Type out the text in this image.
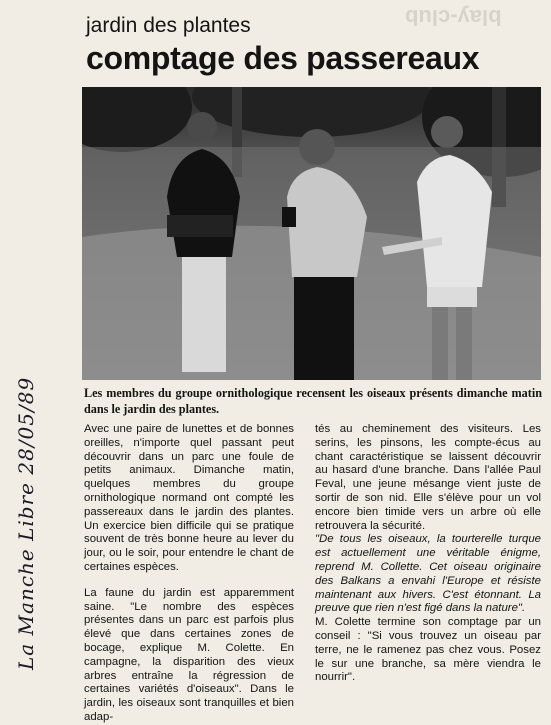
blay-club
jardin des plantes
comptage des passereaux
Les membres du groupe ornithologique recensent les oiseaux présents dimanche matin dans le jardin des plantes.

Avec une paire de lunettes et de bonnes oreilles, n'importe quel passant peut découvrir dans un parc une foule de petits animaux. Dimanche matin, quelques membres du groupe ornithologique normand ont compté les passereaux dans le jardin des plantes. Un exercice bien difficile qui se pratique souvent de très bonne heure au lever du jour, ou le soir, pour entendre le chant de certaines espèces.

La faune du jardin est apparemment saine. "Le nombre des espèces présentes dans un parc est parfois plus élevé que dans certaines zones de bocage, explique M. Colette. En campagne, la disparition des vieux arbres entraîne la régression de certaines variétés d'oiseaux". Dans le jardin, les oiseaux sont tranquilles et bien adap-

tés au cheminement des visiteurs. Les serins, les pinsons, les compte-écus au chant caractéristique se laissent découvrir au hasard d'une branche. Dans l'allée Paul Feval, une jeune mésange vient juste de sortir de son nid. Elle s'élève pour un vol encore bien timide vers un arbre où elle retrouvera la sécurité.

"De tous les oiseaux, la tourterelle turque est actuellement une véritable énigme, reprend M. Collette. Cet oiseau originaire des Balkans a envahi l'Europe et résiste maintenant aux hivers. C'est étonnant. La preuve que rien n'est figé dans la nature".

M. Colette termine son comptage par un conseil : "Si vous trouvez un oiseau par terre, ne le ramenez pas chez vous. Posez le sur une branche, sa mère viendra le nourrir".

La Manche Libre 28/05/89
